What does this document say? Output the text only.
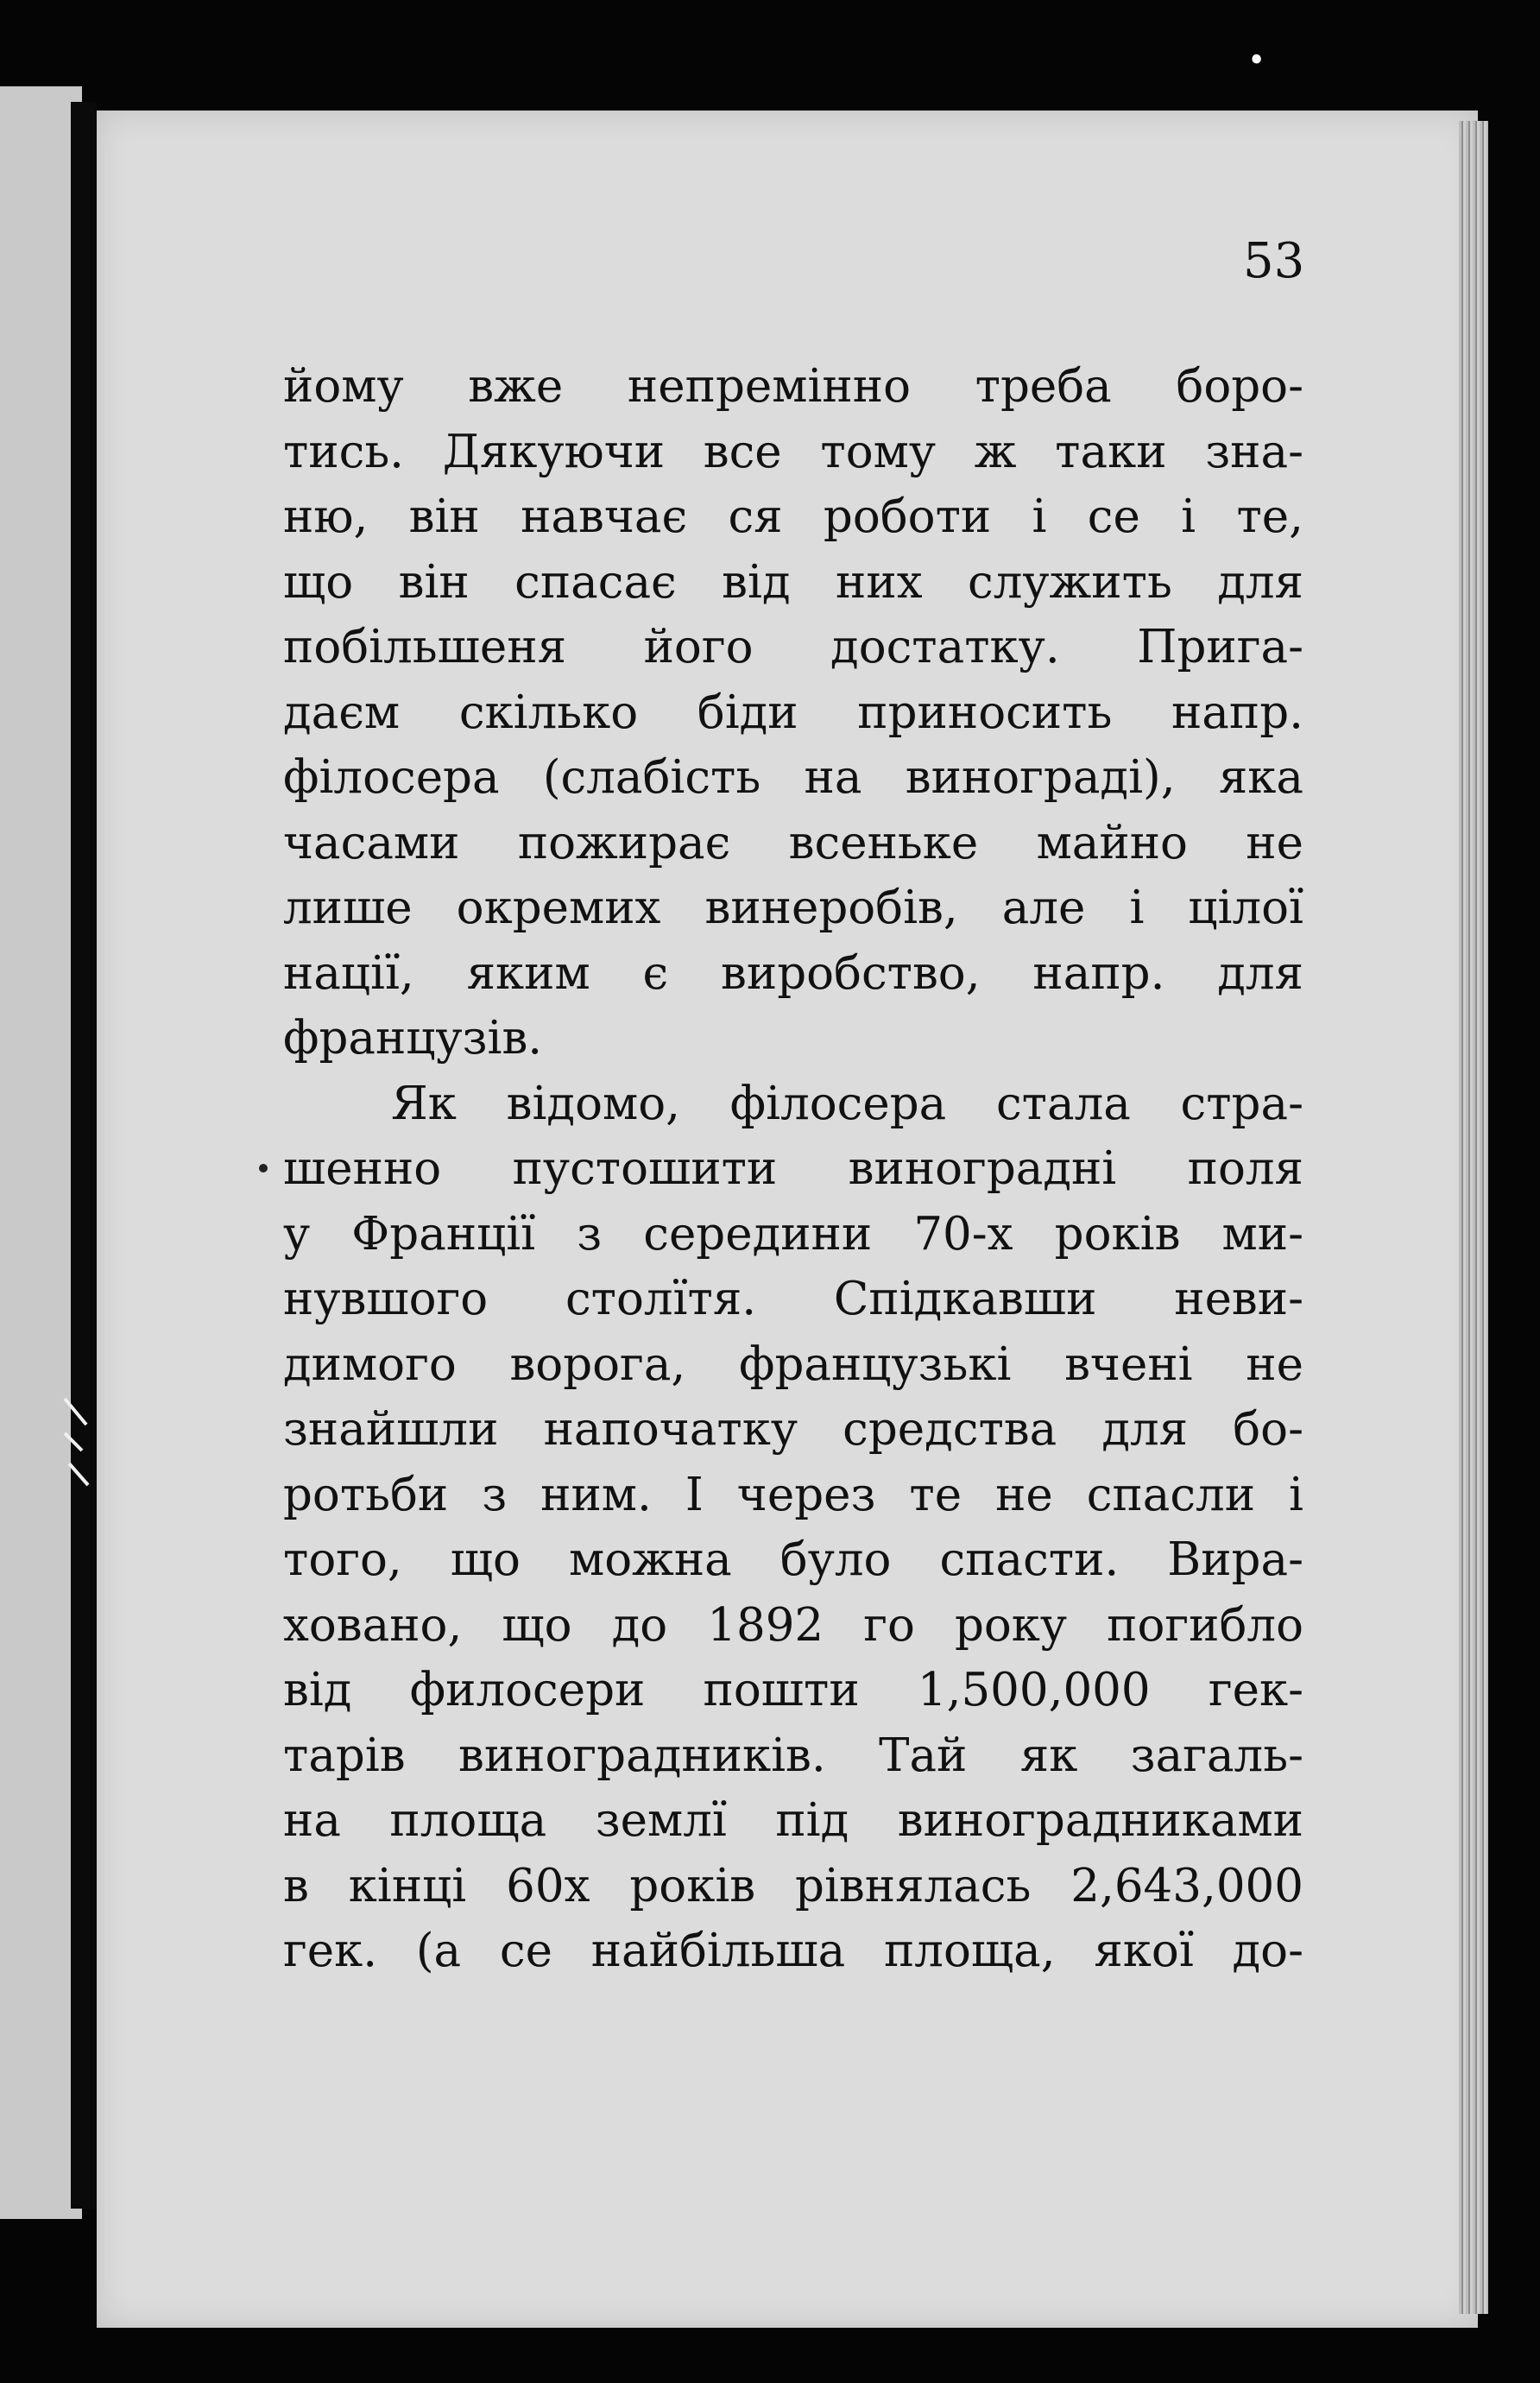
•
53
йому вже непремінно треба боро-
тись. Дякуючи все тому ж таки зна-
ню, він навчає ся роботи і се і те,
що він спасає від них служить для
побільшеня його достатку. Прига-
даєм скілько біди приносить напр.
філосера (слабість на винограді), яка
часами пожирає всеньке майно не
лише окремих винеробів, але і цілої
нації, яким є виробство, напр. для
французів.
Як відомо, філосера стала стра-
шенно пустошити виноградні поля
у Франції з середини 70-х років ми-
нувшого столїтя. Спідкавши неви-
димого ворога, французькі вчені не
знайшли напочатку средства для бо-
ротьби з ним. І через те не спасли і
того, що можна було спасти. Вира-
ховано, що до 1892 го року погибло
від филосери пошти 1,500,000 гек-
тарів виноградників. Тай як загаль-
на площа землї під виноградниками
в кінці 60х років рівнялась 2,643,000
гек. (а се найбільша площа, якої до-
